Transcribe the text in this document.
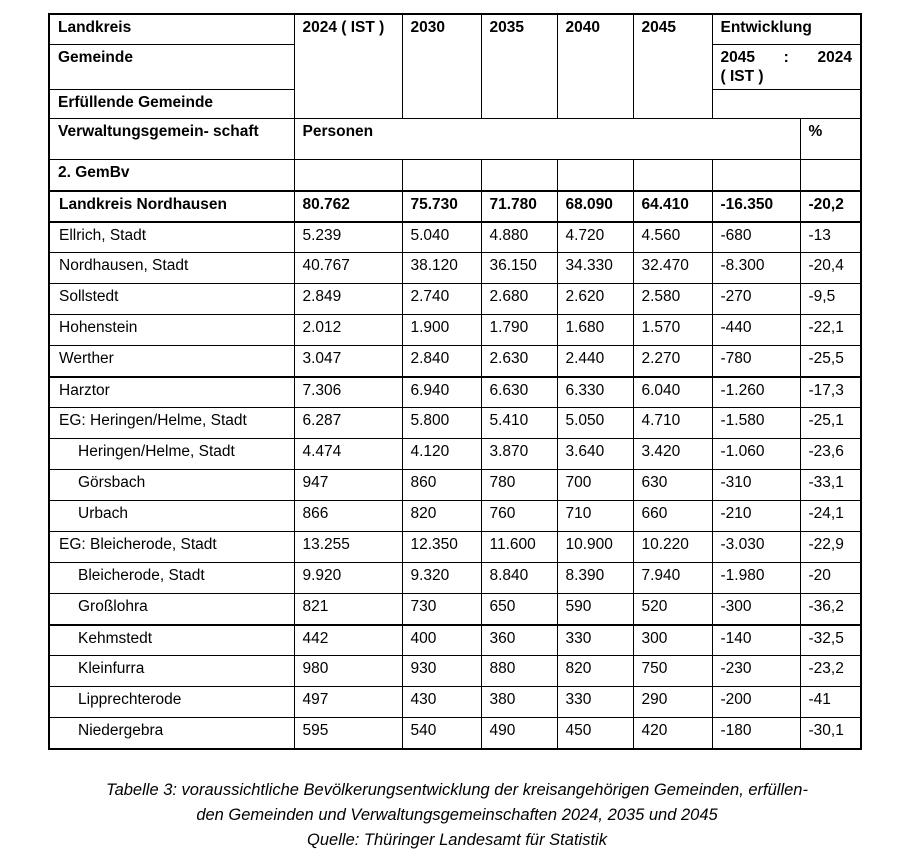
Landkreis	2024 ( IST )	2030	2035	2040	2045	Entwicklung	
Gemeinde						2045 : 2024
( IST )	

Erfüllende Gemeinde							
Verwaltungsgemein- schaft	Personen						%
2. GemBv							
Landkreis Nordhausen	80.762	75.730	71.780	68.090	64.410	-16.350	-20,2
Ellrich, Stadt	5.239	5.040	4.880	4.720	4.560	-680	-13
Nordhausen, Stadt	40.767	38.120	36.150	34.330	32.470	-8.300	-20,4
Sollstedt	2.849	2.740	2.680	2.620	2.580	-270	-9,5
Hohenstein	2.012	1.900	1.790	1.680	1.570	-440	-22,1
Werther	3.047	2.840	2.630	2.440	2.270	-780	-25,5
Harztor	7.306	6.940	6.630	6.330	6.040	-1.260	-17,3
EG: Heringen/Helme, Stadt	6.287	5.800	5.410	5.050	4.710	-1.580	-25,1
Heringen/Helme, Stadt	4.474	4.120	3.870	3.640	3.420	-1.060	-23,6
Görsbach	947	860	780	700	630	-310	-33,1
Urbach	866	820	760	710	660	-210	-24,1
EG: Bleicherode, Stadt	13.255	12.350	11.600	10.900	10.220	-3.030	-22,9
Bleicherode, Stadt	9.920	9.320	8.840	8.390	7.940	-1.980	-20
Großlohra	821	730	650	590	520	-300	-36,2
Kehmstedt	442	400	360	330	300	-140	-32,5
Kleinfurra	980	930	880	820	750	-230	-23,2
Lipprechterode	497	430	380	330	290	-200	-41
Niedergebra	595	540	490	450	420	-180	-30,1
Tabelle 3: voraussichtliche Bevölkerungsentwicklung der kreisangehörigen Gemeinden, erfüllen-
den Gemeinden und Verwaltungsgemeinschaften 2024, 2035 und 2045
Quelle: Thüringer Landesamt für Statistik
